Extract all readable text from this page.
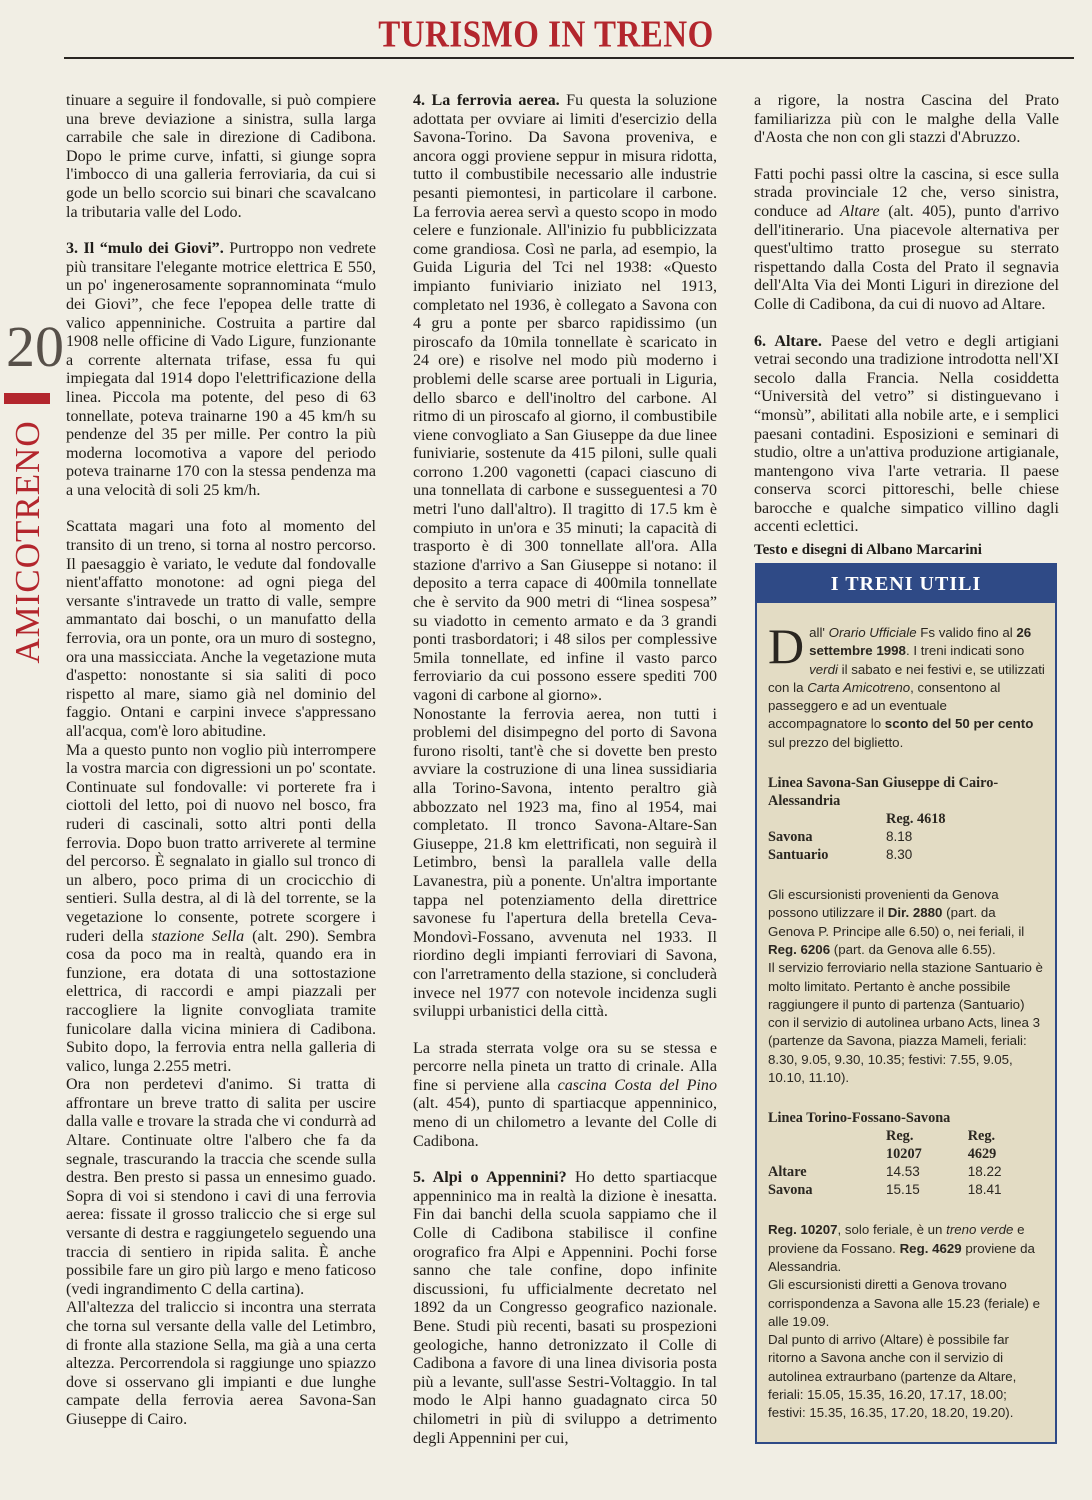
TURISMO IN TRENO
20
AMICOTRENO

tinuare a seguire il fondovalle, si può compiere una breve deviazione a sinistra, sulla larga carrabile che sale in direzione di Cadibona. Dopo le prime curve, infatti, si giunge sopra l'imbocco di una galleria ferroviaria, da cui si gode un bello scorcio sui binari che scavalcano la tributaria valle del Lodo.

3. Il “mulo dei Giovi”. Purtroppo non vedrete più transitare l'elegante motrice elettrica E 550, un po' ingenerosamente soprannominata “mulo dei Giovi”, che fece l'epopea delle tratte di valico appenniniche. Costruita a partire dal 1908 nelle officine di Vado Ligure, funzionante a corrente alternata trifase, essa fu qui impiegata dal 1914 dopo l'elettrificazione della linea. Piccola ma potente, del peso di 63 tonnellate, poteva trainarne 190 a 45 km/h su pendenze del 35 per mille. Per contro la più moderna locomotiva a vapore del periodo poteva trainarne 170 con la stessa pendenza ma a una velocità di soli 25 km/h.

Scattata magari una foto al momento del transito di un treno, si torna al nostro percorso. Il paesaggio è variato, le vedute dal fondovalle nient'affatto monotone: ad ogni piega del versante s'intravede un tratto di valle, sempre ammantato dai boschi, o un manufatto della ferrovia, ora un ponte, ora un muro di sostegno, ora una massicciata. Anche la vegetazione muta d'aspetto: nonostante si sia saliti di poco rispetto al mare, siamo già nel dominio del faggio. Ontani e carpini invece s'appressano all'acqua, com'è loro abitudine.

Ma a questo punto non voglio più interrompere la vostra marcia con digressioni un po' scontate. Continuate sul fondovalle: vi porterete fra i ciottoli del letto, poi di nuovo nel bosco, fra ruderi di cascinali, sotto altri ponti della ferrovia. Dopo buon tratto arriverete al termine del percorso. È segnalato in giallo sul tronco di un albero, poco prima di un crocicchio di sentieri. Sulla destra, al di là del torrente, se la vegetazione lo consente, potrete scorgere i ruderi della stazione Sella (alt. 290). Sembra cosa da poco ma in realtà, quando era in funzione, era dotata di una sottostazione elettrica, di raccordi e ampi piazzali per raccogliere la lignite convogliata tramite funicolare dalla vicina miniera di Cadibona. Subito dopo, la ferrovia entra nella galleria di valico, lunga 2.255 metri.

Ora non perdetevi d'animo. Si tratta di affrontare un breve tratto di salita per uscire dalla valle e trovare la strada che vi condurrà ad Altare. Continuate oltre l'albero che fa da segnale, trascurando la traccia che scende sulla destra. Ben presto si passa un ennesimo guado. Sopra di voi si stendono i cavi di una ferrovia aerea: fissate il grosso traliccio che si erge sul versante di destra e raggiungetelo seguendo una traccia di sentiero in ripida salita. È anche possibile fare un giro più largo e meno faticoso (vedi ingrandimento C della cartina).

All'altezza del traliccio si incontra una sterrata che torna sul versante della valle del Letimbro, di fronte alla stazione Sella, ma già a una certa altezza. Percorrendola si raggiunge uno spiazzo dove si osservano gli impianti e due lunghe campate della ferrovia aerea Savona-San Giuseppe di Cairo.

4. La ferrovia aerea. Fu questa la soluzione adottata per ovviare ai limiti d'esercizio della Savona-Torino. Da Savona proveniva, e ancora oggi proviene seppur in misura ridotta, tutto il combustibile necessario alle industrie pesanti piemontesi, in particolare il carbone. La ferrovia aerea servì a questo scopo in modo celere e funzionale. All'inizio fu pubblicizzata come grandiosa. Così ne parla, ad esempio, la Guida Liguria del Tci nel 1938: «Questo impianto funiviario iniziato nel 1913, completato nel 1936, è collegato a Savona con 4 gru a ponte per sbarco rapidissimo (un piroscafo da 10mila tonnellate è scaricato in 24 ore) e risolve nel modo più moderno i problemi delle scarse aree portuali in Liguria, dello sbarco e dell'inoltro del carbone. Al ritmo di un piroscafo al giorno, il combustibile viene convogliato a San Giuseppe da due linee funiviarie, sostenute da 415 piloni, sulle quali corrono 1.200 vagonetti (capaci ciascuno di una tonnellata di carbone e susseguentesi a 70 metri l'uno dall'altro). Il tragitto di 17.5 km è compiuto in un'ora e 35 minuti; la capacità di trasporto è di 300 tonnellate all'ora. Alla stazione d'arrivo a San Giuseppe si notano: il deposito a terra capace di 400mila tonnellate che è servito da 900 metri di “linea sospesa” su viadotto in cemento armato e da 3 grandi ponti trasbordatori; i 48 silos per complessive 5mila tonnellate, ed infine il vasto parco ferroviario da cui possono essere spediti 700 vagoni di carbone al giorno».

Nonostante la ferrovia aerea, non tutti i problemi del disimpegno del porto di Savona furono risolti, tant'è che si dovette ben presto avviare la costruzione di una linea sussidiaria alla Torino-Savona, intento peraltro già abbozzato nel 1923 ma, fino al 1954, mai completato. Il tronco Savona-Altare-San Giuseppe, 21.8 km elettrificati, non seguirà il Letimbro, bensì la parallela valle della Lavanestra, più a ponente. Un'altra importante tappa nel potenziamento della direttrice savonese fu l'apertura della bretella Ceva-Mondovì-Fossano, avvenuta nel 1933. Il riordino degli impianti ferroviari di Savona, con l'arretramento della stazione, si concluderà invece nel 1977 con notevole incidenza sugli sviluppi urbanistici della città.

La strada sterrata volge ora su se stessa e percorre nella pineta un tratto di crinale. Alla fine si perviene alla cascina Costa del Pino (alt. 454), punto di spartiacque appenninico, meno di un chilometro a levante del Colle di Cadibona.

5. Alpi o Appennini? Ho detto spartiacque appenninico ma in realtà la dizione è inesatta. Fin dai banchi della scuola sappiamo che il Colle di Cadibona stabilisce il confine orografico fra Alpi e Appennini. Pochi forse sanno che tale confine, dopo infinite discussioni, fu ufficialmente decretato nel 1892 da un Congresso geografico nazionale. Bene. Studi più recenti, basati su prospezioni geologiche, hanno detronizzato il Colle di Cadibona a favore di una linea divisoria posta più a levante, sull'asse Sestri-Voltaggio. In tal modo le Alpi hanno guadagnato circa 50 chilometri in più di sviluppo a detrimento degli Appennini per cui,

a rigore, la nostra Cascina del Prato familiarizza più con le malghe della Valle d'Aosta che non con gli stazzi d'Abruzzo.

Fatti pochi passi oltre la cascina, si esce sulla strada provinciale 12 che, verso sinistra, conduce ad Altare (alt. 405), punto d'arrivo dell'itinerario. Una piacevole alternativa per quest'ultimo tratto prosegue su sterrato rispettando dalla Costa del Prato il segnavia dell'Alta Via dei Monti Liguri in direzione del Colle di Cadibona, da cui di nuovo ad Altare.

6. Altare. Paese del vetro e degli artigiani vetrai secondo una tradizione introdotta nell'XI secolo dalla Francia. Nella cosiddetta “Università del vetro” si distinguevano i “monsù”, abilitati alla nobile arte, e i semplici paesani contadini. Esposizioni e seminari di studio, oltre a un'attiva produzione artigianale, mantengono viva l'arte vetraria. Il paese conserva scorci pittoreschi, belle chiese barocche e qualche simpatico villino dagli accenti eclettici.

Testo e disegni di Albano Marcarini

I TRENI UTILI

Dall' Orario Ufficiale Fs valido fino al 26 settembre 1998. I treni indicati sono verdi il sabato e nei festivi e, se utilizzati con la Carta Amicotreno, consentono al passeggero e ad un eventuale accompagnatore lo sconto del 50 per cento sul prezzo del biglietto.

Linea Savona-San Giuseppe di Cairo-Alessandria

	Reg. 4618
Savona	8.18
Santuario	8.30

Gli escursionisti provenienti da Genova possono utilizzare il Dir. 2880 (part. da Genova P. Principe alle 6.50) o, nei feriali, il Reg. 6206 (part. da Genova alle 6.55).

Il servizio ferroviario nella stazione Santuario è molto limitato. Pertanto è anche possibile raggiungere il punto di partenza (Santuario) con il servizio di autolinea urbano Acts, linea 3 (partenze da Savona, piazza Mameli, feriali: 8.30, 9.05, 9.30, 10.35; festivi: 7.55, 9.05, 10.10, 11.10).

Linea Torino-Fossano-Savona

	Reg.	Reg.
	10207	4629
Altare	14.53	18.22
Savona	15.15	18.41

Reg. 10207, solo feriale, è un treno verde e proviene da Fossano. Reg. 4629 proviene da Alessandria.

Gli escursionisti diretti a Genova trovano corrispondenza a Savona alle 15.23 (feriale) e alle 19.09.

Dal punto di arrivo (Altare) è possibile far ritorno a Savona anche con il servizio di autolinea extraurbano (partenze da Altare, feriali: 15.05, 15.35, 16.20, 17.17, 18.00; festivi: 15.35, 16.35, 17.20, 18.20, 19.20).
